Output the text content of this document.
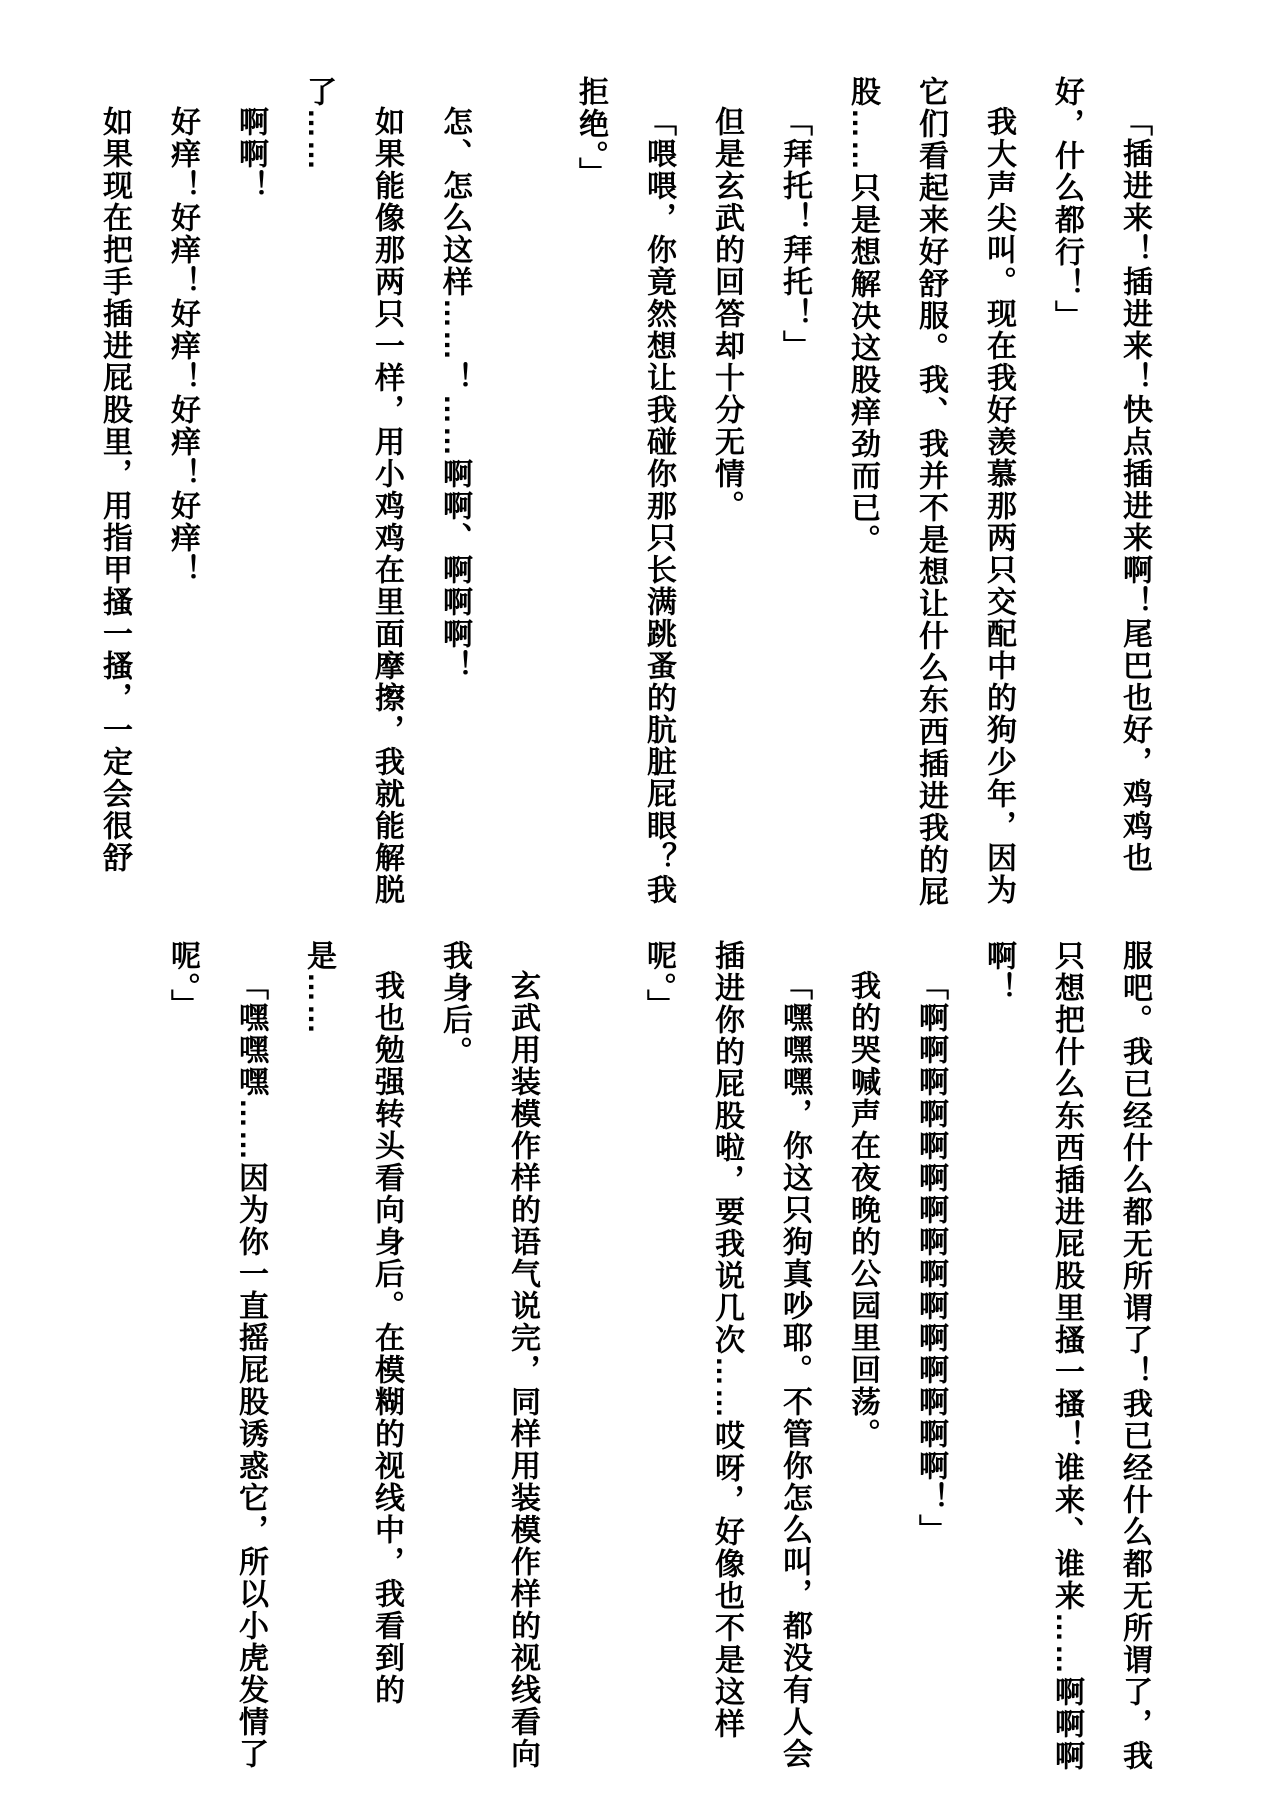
「插进来！插进来！快点插进来啊！尾巴也好，鸡鸡也好，什么都行！」

我大声尖叫。现在我好羡慕那两只交配中的狗少年，因为它们看起来好舒服。我、我并不是想让什么东西插进我的屁股……只是想解决这股痒劲而已。

「拜托！拜托！」

但是玄武的回答却十分无情。

「喂喂，你竟然想让我碰你那只长满跳蚤的肮脏屁眼？我拒绝。」

怎、怎么这样……！……啊啊、啊啊啊！

如果能像那两只一样，用小鸡鸡在里面摩擦，我就能解脱了……

啊啊！

好痒！好痒！好痒！好痒！好痒！

如果现在把手插进屁股里，用指甲搔一搔，一定会很舒

服吧。我已经什么都无所谓了！我已经什么都无所谓了，我只想把什么东西插进屁股里搔一搔！谁来、谁来……啊啊啊啊！

「啊啊啊啊啊啊啊啊啊啊啊啊啊啊啊！」

我的哭喊声在夜晚的公园里回荡。

「嘿嘿嘿，你这只狗真吵耶。不管你怎么叫，都没有人会插进你的屁股啦，要我说几次……哎呀，好像也不是这样呢。」

玄武用装模作样的语气说完，同样用装模作样的视线看向我身后。

我也勉强转头看向身后。在模糊的视线中，我看到的是……

「嘿嘿嘿……因为你一直摇屁股诱惑它，所以小虎发情了呢。」
